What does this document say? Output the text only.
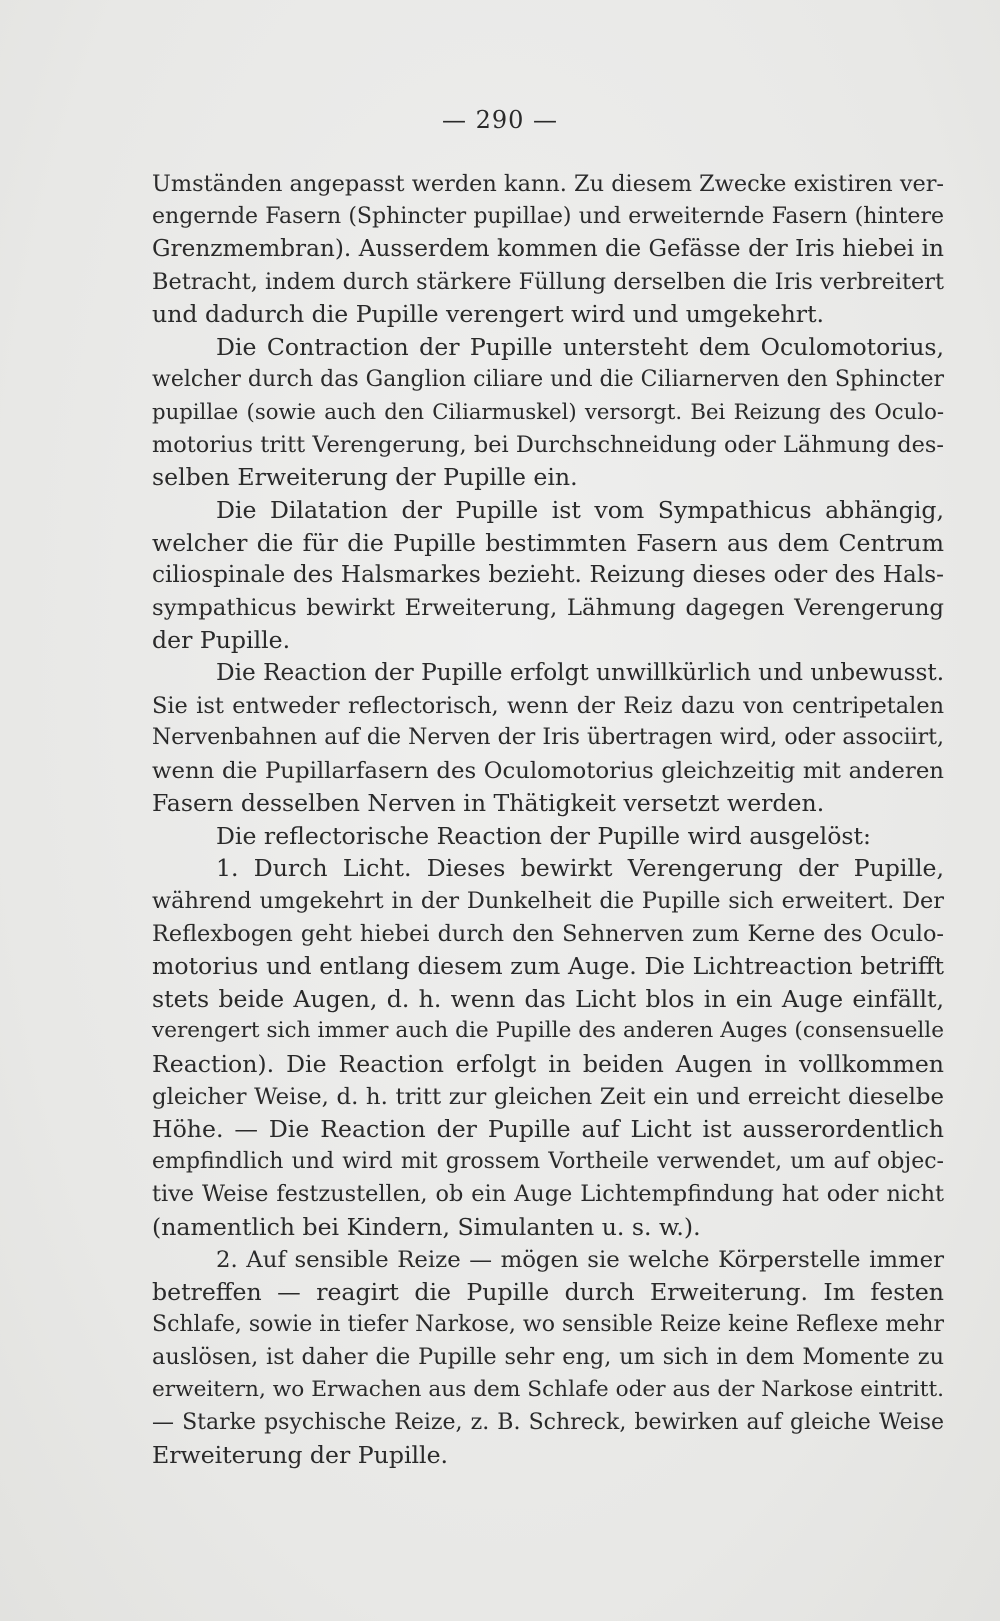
— 290 —
Umständen angepasst werden kann. Zu diesem Zwecke existiren ver-
engernde Fasern (Sphincter pupillae) und erweiternde Fasern (hintere
Grenzmembran). Ausserdem kommen die Gefässe der Iris hiebei in
Betracht, indem durch stärkere Füllung derselben die Iris verbreitert
und dadurch die Pupille verengert wird und umgekehrt.
Die Contraction der Pupille untersteht dem Oculomotorius,
welcher durch das Ganglion ciliare und die Ciliarnerven den Sphincter
pupillae (sowie auch den Ciliarmuskel) versorgt. Bei Reizung des Oculo-
motorius tritt Verengerung, bei Durchschneidung oder Lähmung des-
selben Erweiterung der Pupille ein.
Die Dilatation der Pupille ist vom Sympathicus abhängig,
welcher die für die Pupille bestimmten Fasern aus dem Centrum
ciliospinale des Halsmarkes bezieht. Reizung dieses oder des Hals-
sympathicus bewirkt Erweiterung, Lähmung dagegen Verengerung
der Pupille.
Die Reaction der Pupille erfolgt unwillkürlich und unbewusst.
Sie ist entweder reflectorisch, wenn der Reiz dazu von centripetalen
Nervenbahnen auf die Nerven der Iris übertragen wird, oder associirt,
wenn die Pupillarfasern des Oculomotorius gleichzeitig mit anderen
Fasern desselben Nerven in Thätigkeit versetzt werden.
Die reflectorische Reaction der Pupille wird ausgelöst:
1. Durch Licht. Dieses bewirkt Verengerung der Pupille,
während umgekehrt in der Dunkelheit die Pupille sich erweitert. Der
Reflexbogen geht hiebei durch den Sehnerven zum Kerne des Oculo-
motorius und entlang diesem zum Auge. Die Lichtreaction betrifft
stets beide Augen, d. h. wenn das Licht blos in ein Auge einfällt,
verengert sich immer auch die Pupille des anderen Auges (consensuelle
Reaction). Die Reaction erfolgt in beiden Augen in vollkommen
gleicher Weise, d. h. tritt zur gleichen Zeit ein und erreicht dieselbe
Höhe. — Die Reaction der Pupille auf Licht ist ausserordentlich
empfindlich und wird mit grossem Vortheile verwendet, um auf objec-
tive Weise festzustellen, ob ein Auge Lichtempfindung hat oder nicht
(namentlich bei Kindern, Simulanten u. s. w.).
2. Auf sensible Reize — mögen sie welche Körperstelle immer
betreffen — reagirt die Pupille durch Erweiterung. Im festen
Schlafe, sowie in tiefer Narkose, wo sensible Reize keine Reflexe mehr
auslösen, ist daher die Pupille sehr eng, um sich in dem Momente zu
erweitern, wo Erwachen aus dem Schlafe oder aus der Narkose eintritt.
— Starke psychische Reize, z. B. Schreck, bewirken auf gleiche Weise
Erweiterung der Pupille.
